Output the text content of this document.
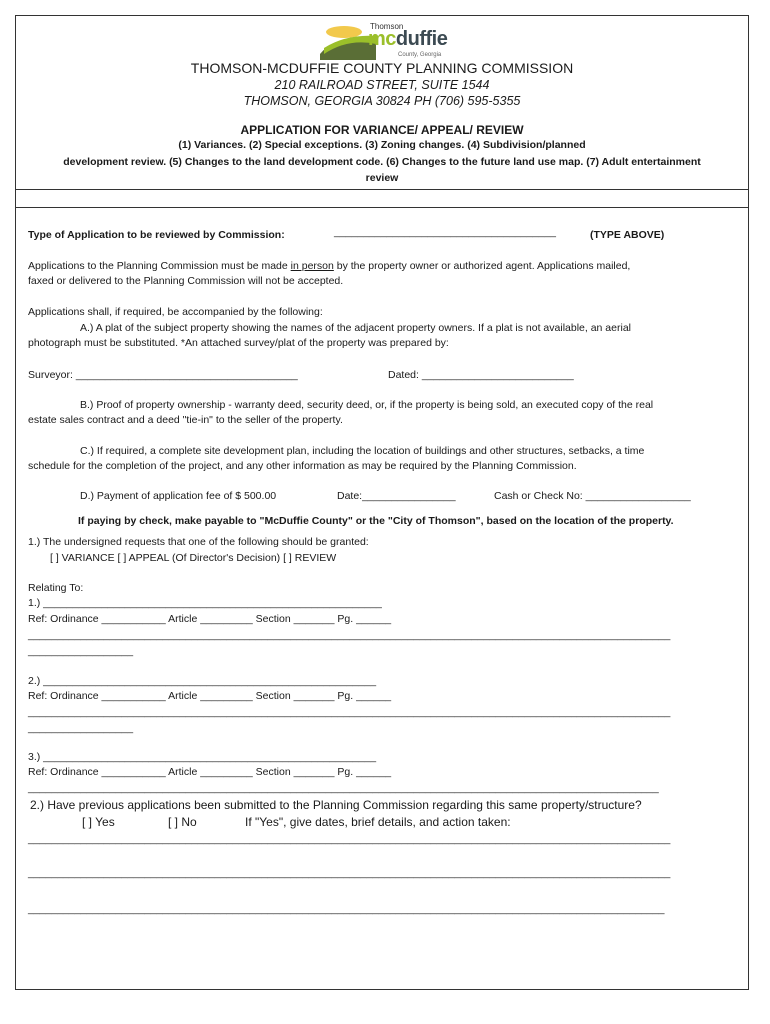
Thomson
mcduffie
County, Georgia
THOMSON-MCDUFFIE COUNTY PLANNING COMMISSION
210 RAILROAD STREET, SUITE 1544
THOMSON, GEORGIA 30824 PH (706) 595-5355
APPLICATION FOR VARIANCE/ APPEAL/ REVIEW
(1) Variances. (2) Special exceptions. (3) Zoning changes. (4) Subdivision/planned
development review. (5) Changes to the land development code. (6) Changes to the future land use map. (7) Adult entertainment
review
Type of Application to be reviewed by Commission:	______________________________________	(TYPE ABOVE)
Applications to the Planning Commission must be made in person by the property owner or authorized agent. Applications mailed,
faxed or delivered to the Planning Commission will not be accepted.
Applications shall, if required, be accompanied by the following:
A.) A plat of the subject property showing the names of the adjacent property owners. If a plat is not available, an aerial
photograph must be substituted. *An attached survey/plat of the property was prepared by:
Surveyor: ______________________________________	Dated: __________________________
B.) Proof of property ownership - warranty deed, security deed, or, if the property is being sold, an executed copy of the real
estate sales contract and a deed "tie-in" to the seller of the property.
C.) If required, a complete site development plan, including the location of buildings and other structures, setbacks, a time
schedule for the completion of the project, and any other information as may be required by the Planning Commission.
D.) Payment of application fee of $ 500.00	Date:________________	Cash or Check No: __________________
If paying by check, make payable to "McDuffie County" or the "City of Thomson", based on the location of the property.
1.) The undersigned requests that one of the following should be granted:
[ ] VARIANCE [ ] APPEAL (Of Director's Decision) [ ] REVIEW
Relating To:
1.) __________________________________________________________
Ref: Ordinance ___________ Article _________ Section _______ Pg. ______
______________________________________________________________________________________________________________
__________________
2.) _________________________________________________________
Ref: Ordinance ___________ Article _________ Section _______ Pg. ______
______________________________________________________________________________________________________________
__________________
3.) _________________________________________________________
Ref: Ordinance ___________ Article _________ Section _______ Pg. ______
____________________________________________________________________________________________________________
2.) Have previous applications been submitted to the Planning Commission regarding this same property/structure?
[ ] Yes	[ ] No	If "Yes", give dates, brief details, and action taken:
______________________________________________________________________________________________________________
______________________________________________________________________________________________________________
_____________________________________________________________________________________________________________
